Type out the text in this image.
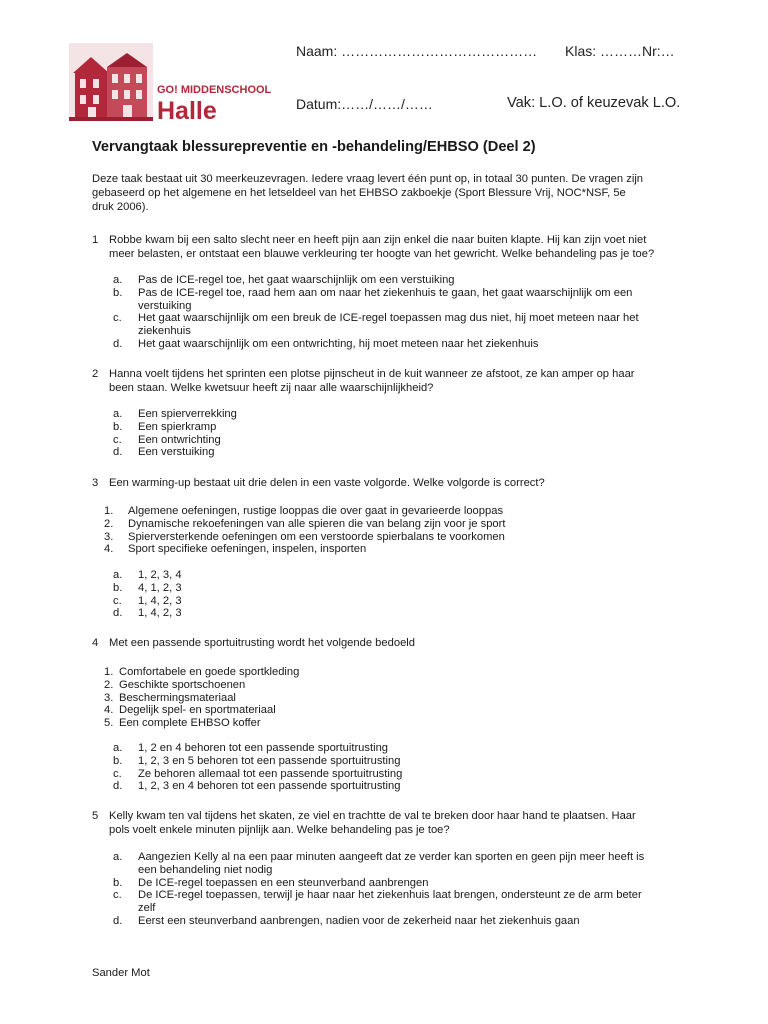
GO! MIDDENSCHOOL
Halle
Naam: …………………………………… Klas: ………Nr:…
Datum:……/……/……	Vak: L.O. of keuzevak L.O.
Vervangtaak blessurepreventie en -behandeling/EHBSO (Deel 2)
Deze taak bestaat uit 30 meerkeuzevragen. Iedere vraag levert één punt op, in totaal 30 punten. De vragen zijn
gebaseerd op het algemene en het letseldeel van het EHBSO zakboekje (Sport Blessure Vrij, NOC*NSF, 5e
druk 2006).
1 Robbe kwam bij een salto slecht neer en heeft pijn aan zijn enkel die naar buiten klapte. Hij kan zijn voet niet
meer belasten, er ontstaat een blauwe verkleuring ter hoogte van het gewricht. Welke behandeling pas je toe?
a. Pas de ICE-regel toe, het gaat waarschijnlijk om een verstuiking
b. Pas de ICE-regel toe, raad hem aan om naar het ziekenhuis te gaan, het gaat waarschijnlijk om een
verstuiking
c. Het gaat waarschijnlijk om een breuk de ICE-regel toepassen mag dus niet, hij moet meteen naar het
ziekenhuis
d. Het gaat waarschijnlijk om een ontwrichting, hij moet meteen naar het ziekenhuis
2 Hanna voelt tijdens het sprinten een plotse pijnscheut in de kuit wanneer ze afstoot, ze kan amper op haar
been staan. Welke kwetsuur heeft zij naar alle waarschijnlijkheid?
a. Een spierverrekking
b. Een spierkramp
c. Een ontwrichting
d. Een verstuiking
3 Een warming-up bestaat uit drie delen in een vaste volgorde. Welke volgorde is correct?
1. Algemene oefeningen, rustige looppas die over gaat in gevarieerde looppas
2. Dynamische rekoefeningen van alle spieren die van belang zijn voor je sport
3. Spierversterkende oefeningen om een verstoorde spierbalans te voorkomen
4. Sport specifieke oefeningen, inspelen, insporten
a. 1, 2, 3, 4
b. 4, 1, 2, 3
c. 1, 4, 2, 3
d. 1, 4, 2, 3
4 Met een passende sportuitrusting wordt het volgende bedoeld
1. Comfortabele en goede sportkleding
2. Geschikte sportschoenen
3. Beschermingsmateriaal
4. Degelijk spel- en sportmateriaal
5. Een complete EHBSO koffer
a. 1, 2 en 4 behoren tot een passende sportuitrusting
b. 1, 2, 3 en 5 behoren tot een passende sportuitrusting
c. Ze behoren allemaal tot een passende sportuitrusting
d. 1, 2, 3 en 4 behoren tot een passende sportuitrusting
5 Kelly kwam ten val tijdens het skaten, ze viel en trachtte de val te breken door haar hand te plaatsen. Haar
pols voelt enkele minuten pijnlijk aan. Welke behandeling pas je toe?
a. Aangezien Kelly al na een paar minuten aangeeft dat ze verder kan sporten en geen pijn meer heeft is
een behandeling niet nodig
b. De ICE-regel toepassen en een steunverband aanbrengen
c. De ICE-regel toepassen, terwijl je haar naar het ziekenhuis laat brengen, ondersteunt ze de arm beter
zelf
d. Eerst een steunverband aanbrengen, nadien voor de zekerheid naar het ziekenhuis gaan
Sander Mot
